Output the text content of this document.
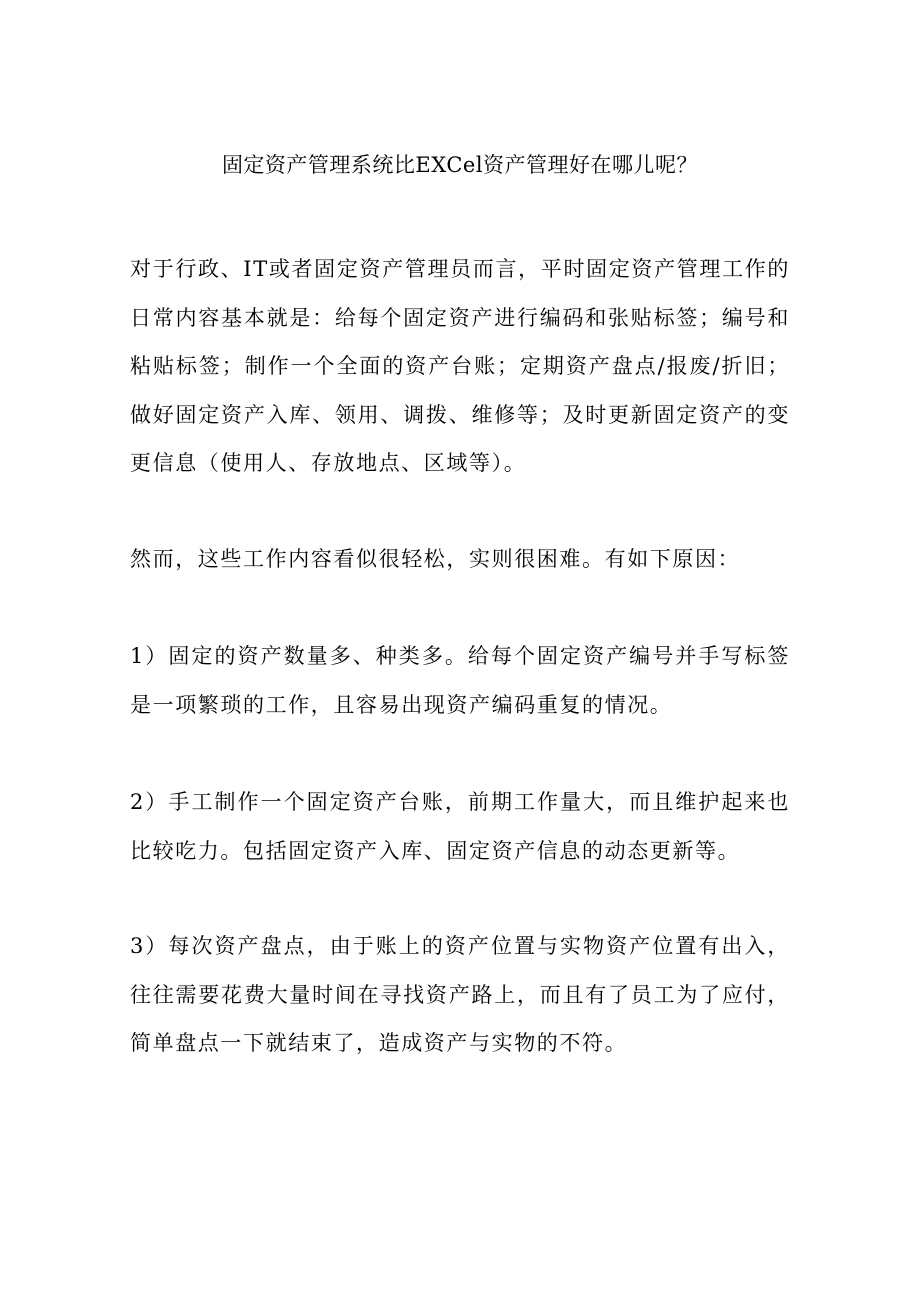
固定资产管理系统比EXCel资产管理好在哪儿呢？

对于行政、IT或者固定资产管理员而言，平时固定资产管理工作的日常内容基本就是：给每个固定资产进行编码和张贴标签；编号和粘贴标签；制作一个全面的资产台账；定期资产盘点/报废/折旧；做好固定资产入库、领用、调拨、维修等；及时更新固定资产的变更信息（使用人、存放地点、区域等）。

然而，这些工作内容看似很轻松，实则很困难。有如下原因：

1）固定的资产数量多、种类多。给每个固定资产编号并手写标签是一项繁琐的工作，且容易出现资产编码重复的情况。

2）手工制作一个固定资产台账，前期工作量大，而且维护起来也比较吃力。包括固定资产入库、固定资产信息的动态更新等。

3）每次资产盘点，由于账上的资产位置与实物资产位置有出入，往往需要花费大量时间在寻找资产路上，而且有了员工为了应付，简单盘点一下就结束了，造成资产与实物的不符。
